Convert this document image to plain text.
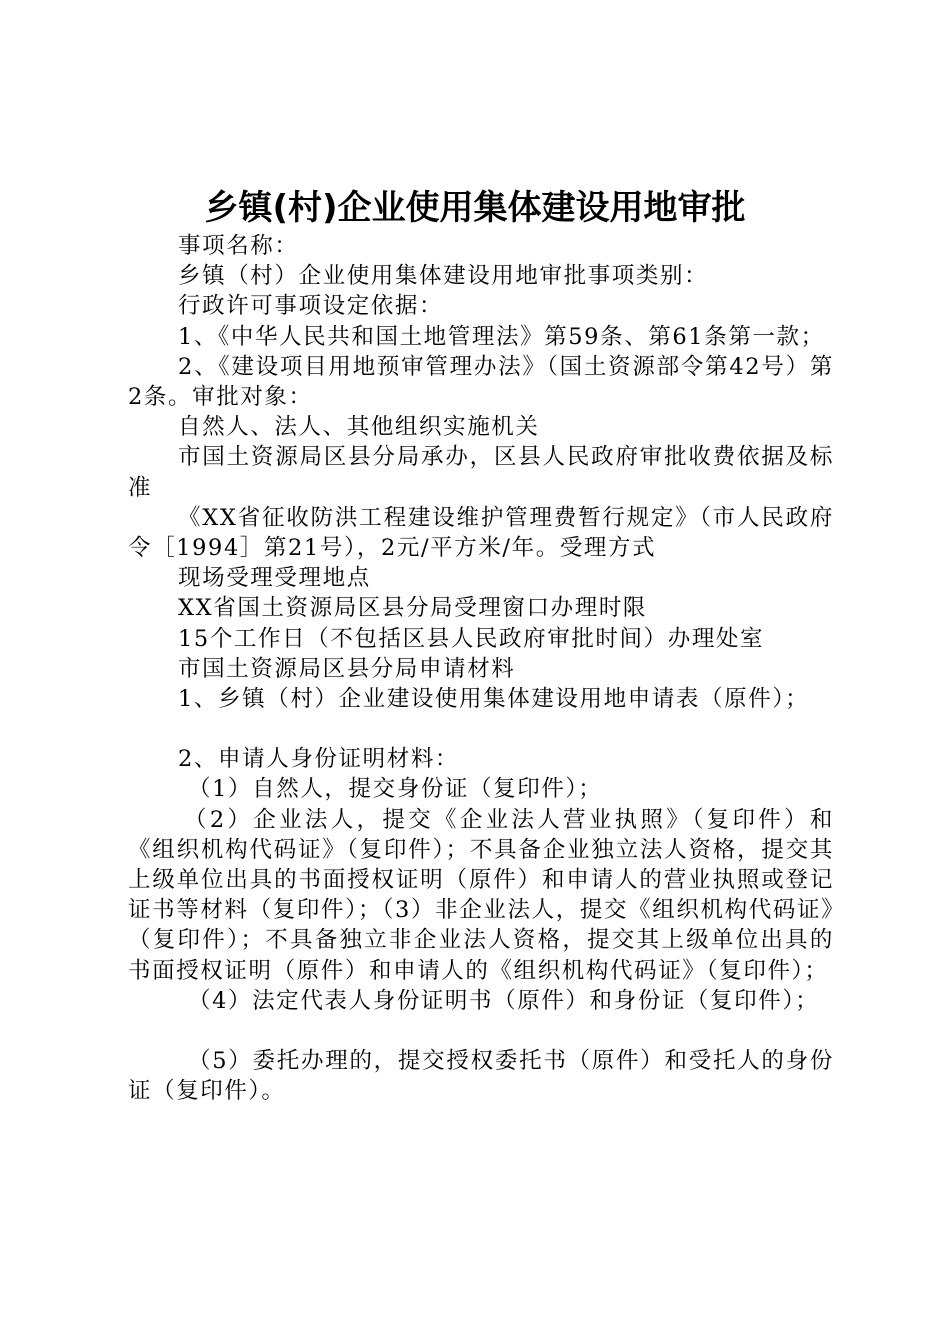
乡镇(村)企业使用集体建设用地审批

事项名称：

乡镇（村）企业使用集体建设用地审批事项类别：

行政许可事项设定依据：

1、《中华人民共和国土地管理法》第59条、第61条第一款；

2、《建设项目用地预审管理办法》（国土资源部令第42号）第2条。审批对象：

自然人、法人、其他组织实施机关

市国土资源局区县分局承办，区县人民政府审批收费依据及标准

《XX省征收防洪工程建设维护管理费暂行规定》（市人民政府令［1994］第21号），2元/平方米/年。受理方式

现场受理受理地点

XX省国土资源局区县分局受理窗口办理时限

15个工作日（不包括区县人民政府审批时间）办理处室

市国土资源局区县分局申请材料

1、乡镇（村）企业建设使用集体建设用地申请表（原件）；

2、申请人身份证明材料：

（1）自然人，提交身份证（复印件）；

（2）企业法人，提交《企业法人营业执照》（复印件）和《组织机构代码证》（复印件）；不具备企业独立法人资格，提交其上级单位出具的书面授权证明（原件）和申请人的营业执照或登记证书等材料（复印件）；（3）非企业法人，提交《组织机构代码证》（复印件）；不具备独立非企业法人资格，提交其上级单位出具的书面授权证明（原件）和申请人的《组织机构代码证》（复印件）；

（4）法定代表人身份证明书（原件）和身份证（复印件）；

（5）委托办理的，提交授权委托书（原件）和受托人的身份证（复印件）。
